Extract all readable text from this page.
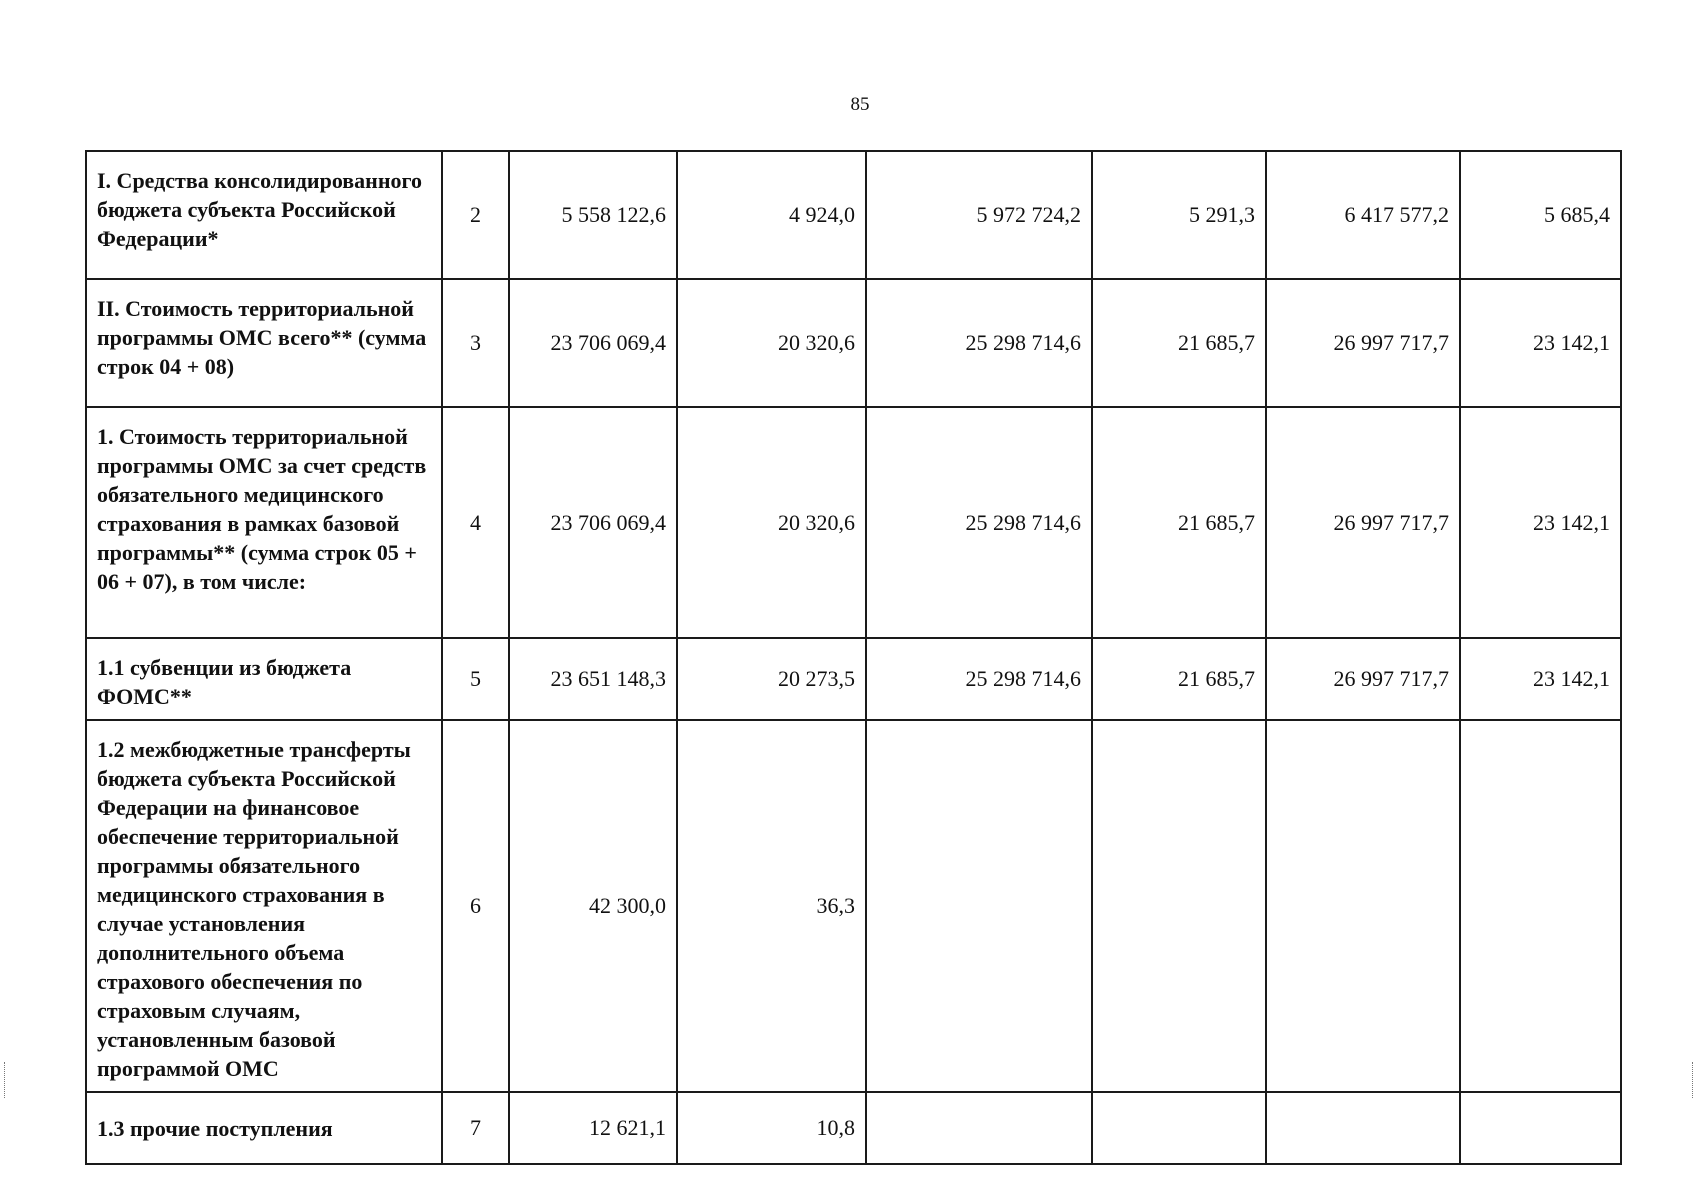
85
I. Средства консолидированного бюджета субъекта Российской Федерации*	2	5 558 122,6	4 924,0	5 972 724,2	5 291,3	6 417 577,2	5 685,4
II. Стоимость территориальной программы ОМС всего** (сумма строк 04 + 08)	3	23 706 069,4	20 320,6	25 298 714,6	21 685,7	26 997 717,7	23 142,1
1. Стоимость территориальной программы ОМС за счет средств обязательного медицинского страхования в рамках базовой программы** (сумма строк 05 + 06 + 07), в том числе:	4	23 706 069,4	20 320,6	25 298 714,6	21 685,7	26 997 717,7	23 142,1
1.1 субвенции из бюджета ФОМС**	5	23 651 148,3	20 273,5	25 298 714,6	21 685,7	26 997 717,7	23 142,1
1.2 межбюджетные трансферты бюджета субъекта Российской Федерации на финансовое обеспечение территориальной программы обязательного медицинского страхования в случае установления дополнительного объема страхового обеспечения по страховым случаям, установленным базовой программой ОМС	6	42 300,0	36,3				
1.3 прочие поступления	7	12 621,1	10,8				
